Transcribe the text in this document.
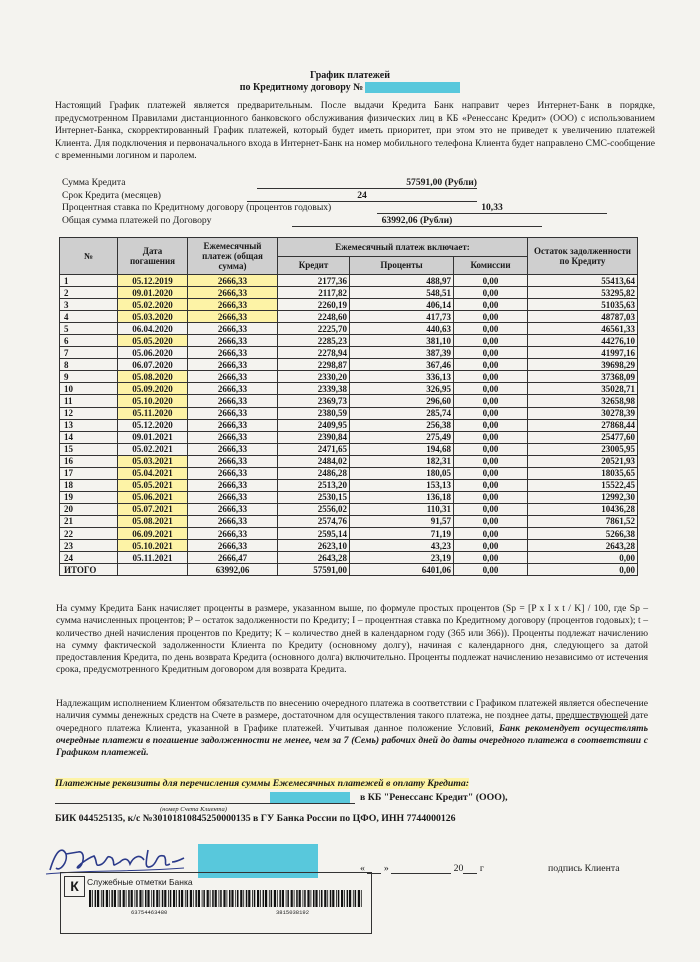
График платежей
по Кредитному договору №
Настоящий График платежей является предварительным. После выдачи Кредита Банк направит через Интернет-Банк в порядке, предусмотренном Правилами дистанционного банковского обслуживания физических лиц в КБ «Ренессанс Кредит» (ООО) с использованием Интернет-Банка, скорректированный График платежей, который будет иметь приоритет, при этом это не приведет к увеличению платежей Клиента. Для подключения и первоначального входа в Интернет-Банк на номер мобильного телефона Клиента будет направлено СМС-сообщение с временными логином и паролем.
Сумма Кредита	57591,00 (Рубли)
Срок Кредита (месяцев)	24
Процентная ставка по Кредитному договору (процентов годовых)	10,33
Общая сумма платежей по Договору	63992,06 (Рубли)
№	Дата погашения	Ежемесячный платеж (общая сумма)	Ежемесячный платеж включает:			Остаток задолженности по Кредиту
			Кредит	Проценты	Комиссии	
1	05.12.2019	2666,33	2177,36	488,97	0,00	55413,64
2	09.01.2020	2666,33	2117,82	548,51	0,00	53295,82
3	05.02.2020	2666,33	2260,19	406,14	0,00	51035,63
4	05.03.2020	2666,33	2248,60	417,73	0,00	48787,03
5	06.04.2020	2666,33	2225,70	440,63	0,00	46561,33
6	05.05.2020	2666,33	2285,23	381,10	0,00	44276,10
7	05.06.2020	2666,33	2278,94	387,39	0,00	41997,16
8	06.07.2020	2666,33	2298,87	367,46	0,00	39698,29
9	05.08.2020	2666,33	2330,20	336,13	0,00	37368,09
10	05.09.2020	2666,33	2339,38	326,95	0,00	35028,71
11	05.10.2020	2666,33	2369,73	296,60	0,00	32658,98
12	05.11.2020	2666,33	2380,59	285,74	0,00	30278,39
13	05.12.2020	2666,33	2409,95	256,38	0,00	27868,44
14	09.01.2021	2666,33	2390,84	275,49	0,00	25477,60
15	05.02.2021	2666,33	2471,65	194,68	0,00	23005,95
16	05.03.2021	2666,33	2484,02	182,31	0,00	20521,93
17	05.04.2021	2666,33	2486,28	180,05	0,00	18035,65
18	05.05.2021	2666,33	2513,20	153,13	0,00	15522,45
19	05.06.2021	2666,33	2530,15	136,18	0,00	12992,30
20	05.07.2021	2666,33	2556,02	110,31	0,00	10436,28
21	05.08.2021	2666,33	2574,76	91,57	0,00	7861,52
22	06.09.2021	2666,33	2595,14	71,19	0,00	5266,38
23	05.10.2021	2666,33	2623,10	43,23	0,00	2643,28
24	05.11.2021	2666,47	2643,28	23,19	0,00	0,00
ИТОГО		63992,06	57591,00	6401,06	0,00	0,00
На сумму Кредита Банк начисляет проценты в размере, указанном выше, по формуле простых процентов (Sp = [P x I x t / K] / 100, где Sp – сумма начисленных процентов; P – остаток задолженности по Кредиту; I – процентная ставка по Кредитному договору (процентов годовых); t – количество дней начисления процентов по Кредиту; K – количество дней в календарном году (365 или 366)). Проценты подлежат начислению на сумму фактической задолженности Клиента по Кредиту (основному долгу), начиная с календарного дня, следующего за датой предоставления Кредита, по день возврата Кредита (основного долга) включительно. Проценты подлежат начислению независимо от истечения срока, предусмотренного Кредитным договором для возврата Кредита.
Надлежащим исполнением Клиентом обязательств по внесению очередного платежа в соответствии с Графиком платежей является обеспечение наличия суммы денежных средств на Счете в размере, достаточном для осуществления такого платежа, не позднее даты, предшествующей дате очередного платежа Клиента, указанной в Графике платежей. Учитывая данное положение Условий, Банк рекомендует осуществлять очередные платежи в погашение задолженности не менее, чем за 7 (Семь) рабочих дней до даты очередного платежа в соответствии с Графиком платежей.
Платежные реквизиты для перечисления суммы Ежемесячных платежей в оплату Кредита:
в КБ "Ренессанс Кредит" (ООО),
(номер Счета Клиента)
БИК 044525135, к/с №30101810845250000135 в ГУ Банка России по ЦФО, ИНН 7744000126
К Служебные отметки Банка
63754463480	3815038192
« »	20 г	подпись Клиента
